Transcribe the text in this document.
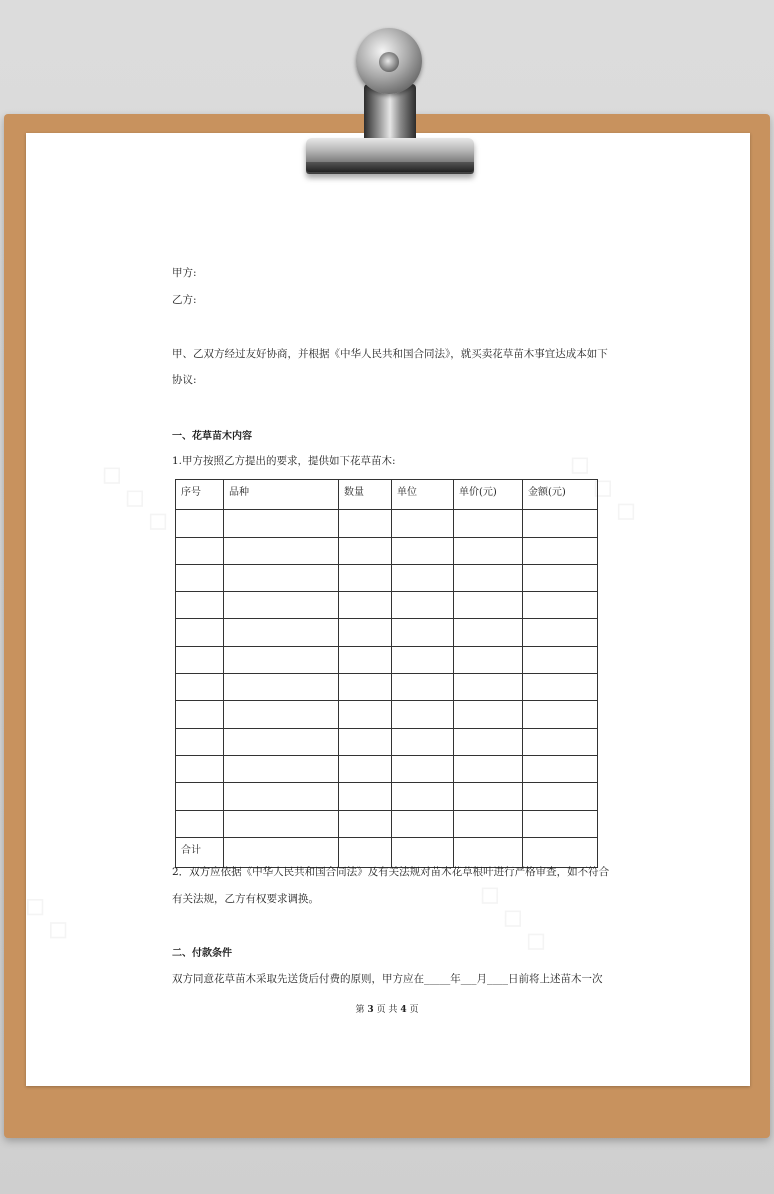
◇ ◇ ◇	◇ ◇ ◇
◇ ◇ ◇
◇ ◇
甲方:
乙方:
甲、乙双方经过友好协商，并根据《中华人民共和国合同法》，就买卖花草苗木事宜达成本如下
协议:
一、花草苗木内容
1.甲方按照乙方提出的要求，提供如下花草苗木:
序号	品种	数量	单位	单价(元)	金额(元)

合计					
2．双方应依据《中华人民共和国合同法》及有关法规对苗木花草根叶进行严格审查，如不符合
有关法规，乙方有权要求调换。
二、付款条件
双方同意花草苗木采取先送货后付费的原则，甲方应在_____年___月____日前将上述苗木一次
第 3 页 共 4 页
